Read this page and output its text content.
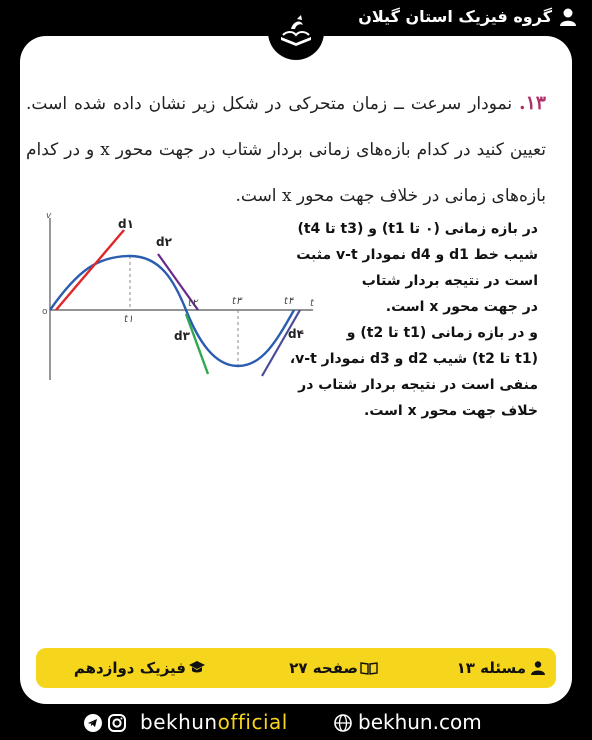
گروه فیزیک استان گیلان
۱۳. نمودار سرعت ــ زمان متحرکی در شکل زیر نشان داده شده است. تعیین کنید در کدام بازه‌های زمانی بردار شتاب در جهت محور x و در کدام بازه‌های زمانی در خلاف جهت محور x است.
v
t
o
d۱
d۲
d۳	d۴
t۱
t۲	t۳	t۴
در بازه زمانی (۰ تا t1) و (t3 تا t4)
شیب خط d1 و d4 نمودار v-t مثبت
است در نتیجه بردار شتاب
در جهت محور x است.
و در بازه زمانی (t1 تا t2) و
(t1 تا t2) شیب d2 و d3 نمودار v-t،
منفی است در نتیجه بردار شتاب در
خلاف جهت محور x است.
مسئله ۱۳
صفحه ۲۷
فیزیک دوازدهم
bekhunofficial	bekhun.com
